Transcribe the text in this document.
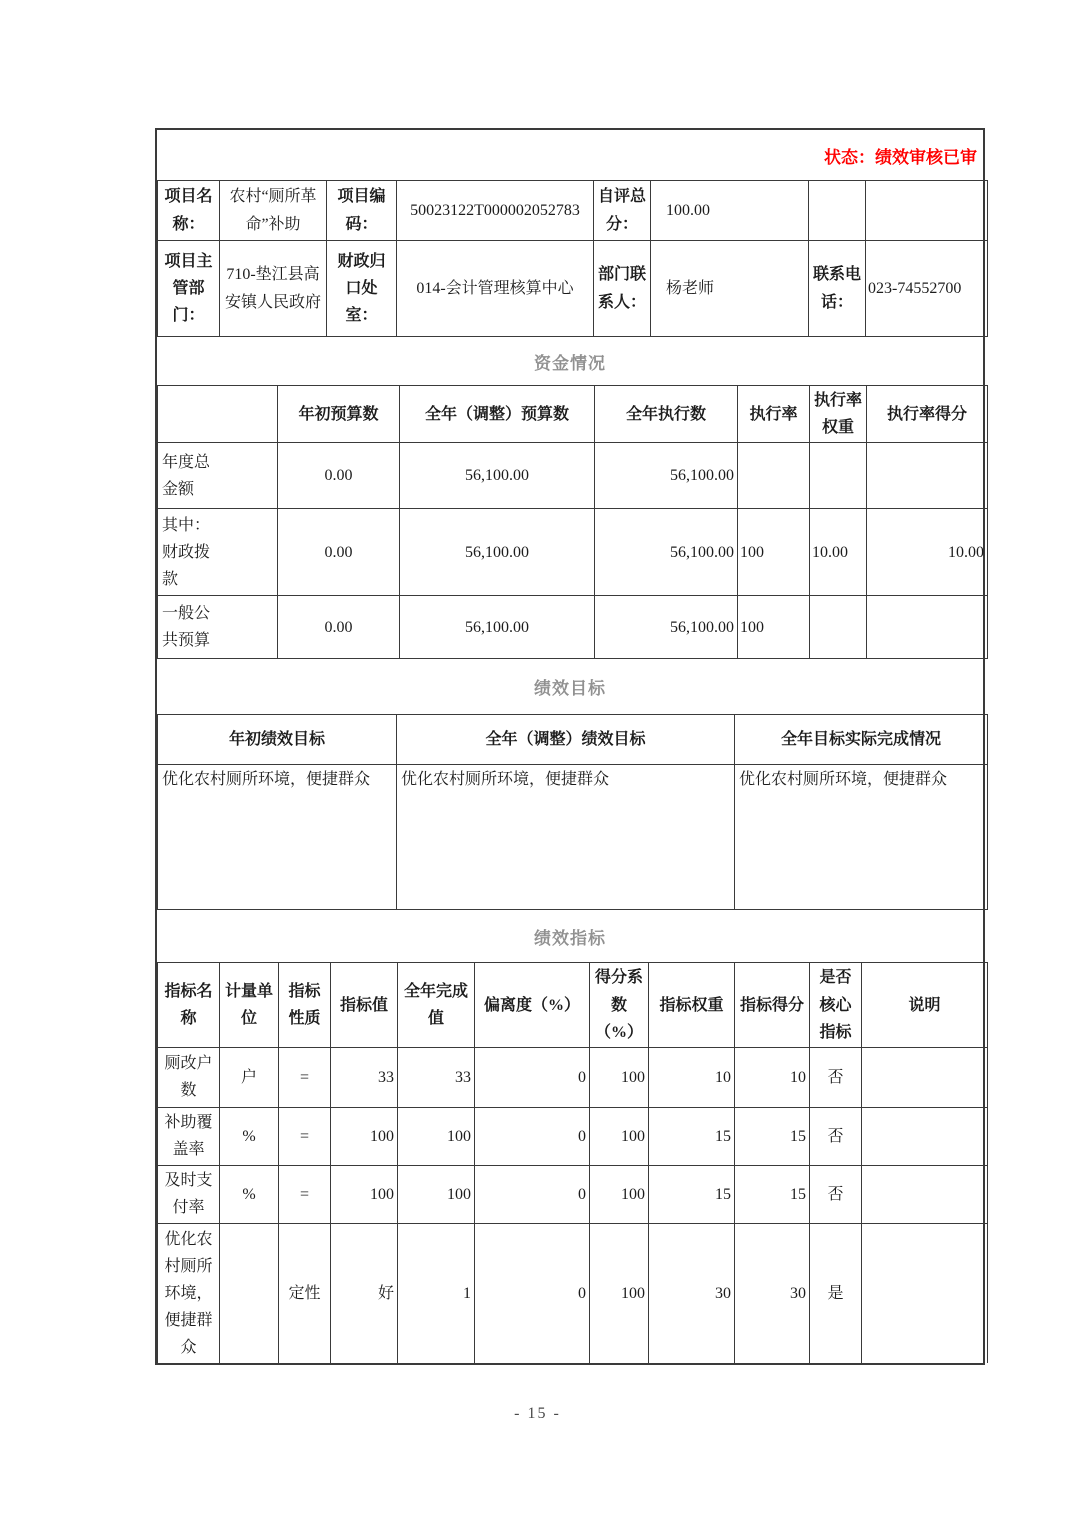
状态：绩效审核已审
项目名称：	农村“厕所革命”补助	项目编码：	50023122T000002052783	自评总分：	100.00		
项目主管部门：	710-垫江县高安镇人民政府	财政归口处室：	014-会计管理核算中心	部门联系人：	杨老师	联系电话：	023-74552700
资金情况
	年初预算数	全年（调整）预算数	全年执行数	执行率	执行率权重	执行率得分
年度总金额	0.00	56,100.00	56,100.00			
其中：财政拨款	0.00	56,100.00	56,100.00	100	10.00	10.00
一般公共预算	0.00	56,100.00	56,100.00	100		
绩效目标
年初绩效目标	全年（调整）绩效目标	全年目标实际完成情况
优化农村厕所环境，便捷群众	优化农村厕所环境，便捷群众	优化农村厕所环境，便捷群众
绩效指标
指标名称	计量单位	指标性质	指标值	全年完成值	偏离度（%）	得分系数（%）	指标权重	指标得分	是否核心指标	说明
厕改户数	户	=	33	33	0	100	10	10	否	
补助覆盖率	%	=	100	100	0	100	15	15	否	
及时支付率	%	=	100	100	0	100	15	15	否	
优化农村厕所环境，便捷群众		定性	好	1	0	100	30	30	是	
- 15 -
